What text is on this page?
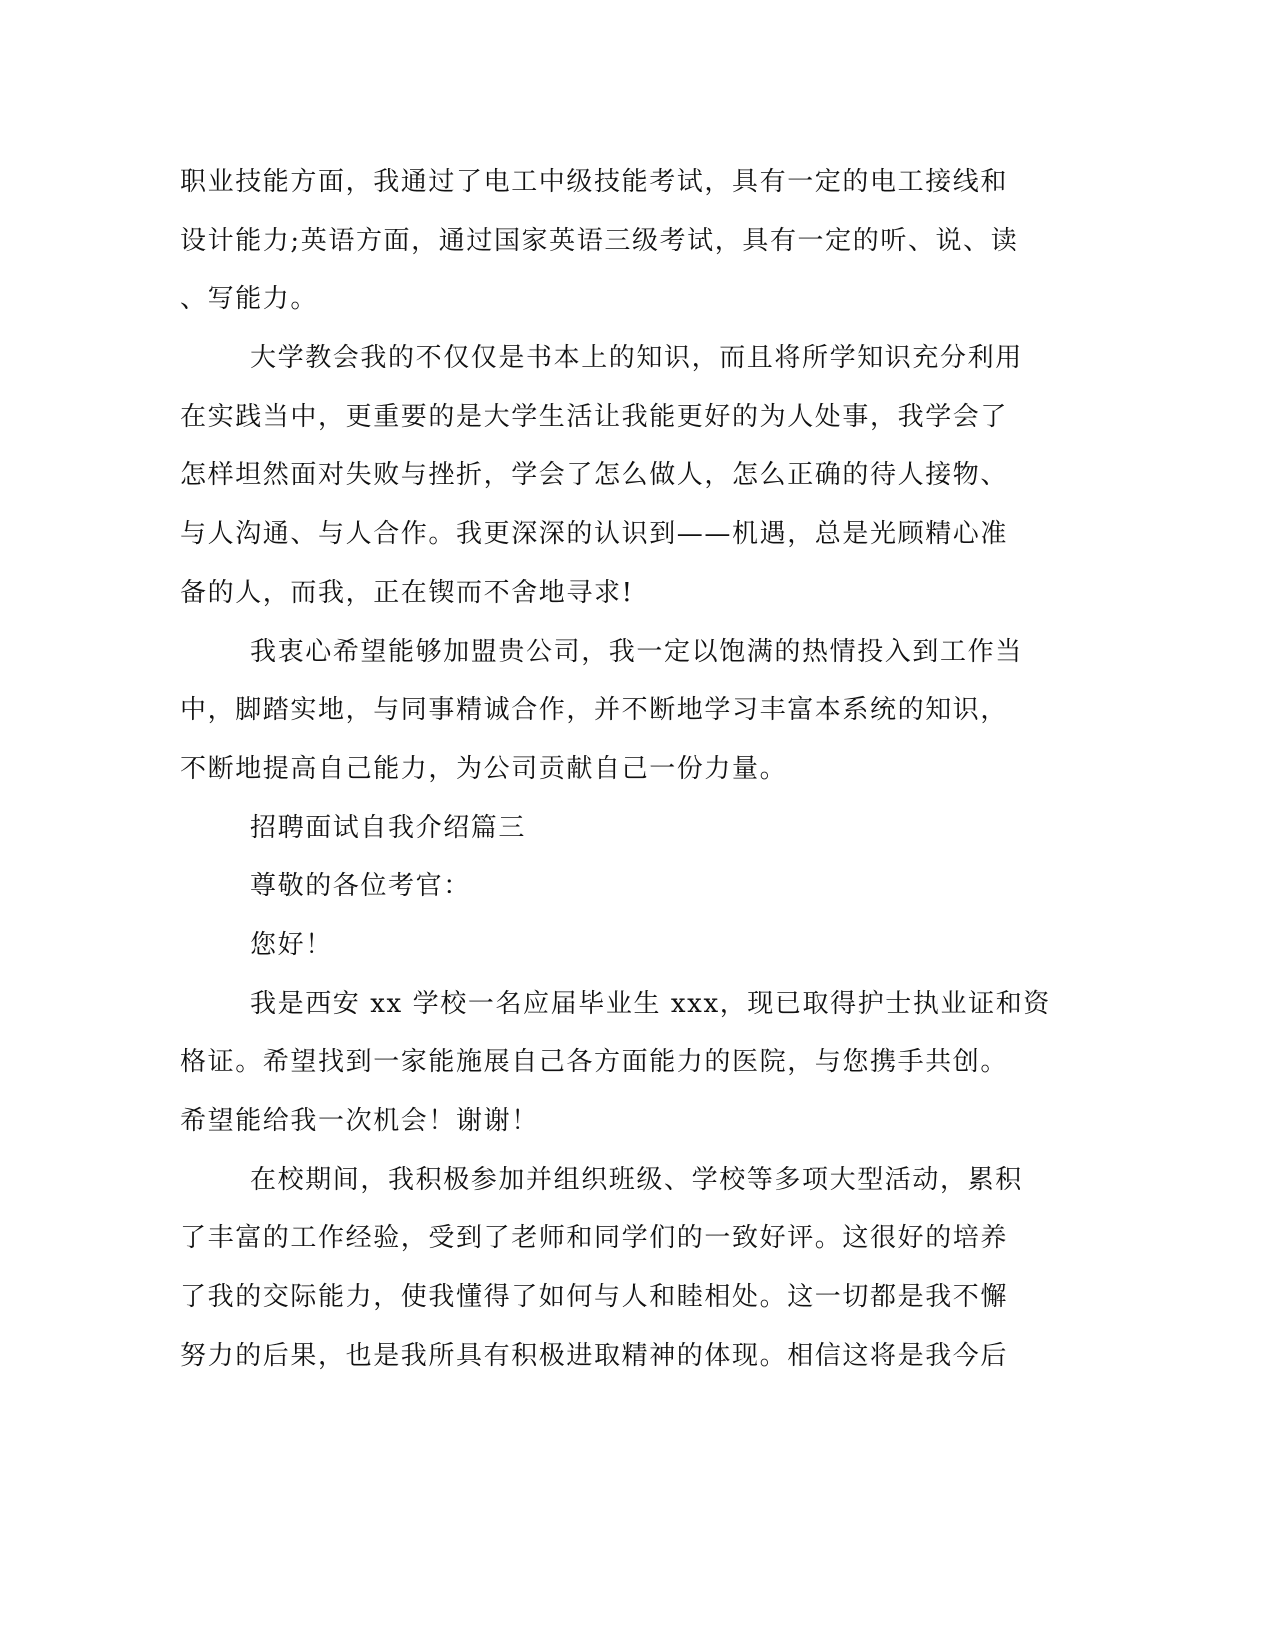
职业技能方面，我通过了电工中级技能考试，具有一定的电工接线和
设计能力;英语方面，通过国家英语三级考试，具有一定的听、说、读
、写能力。
大学教会我的不仅仅是书本上的知识，而且将所学知识充分利用
在实践当中，更重要的是大学生活让我能更好的为人处事，我学会了
怎样坦然面对失败与挫折，学会了怎么做人，怎么正确的待人接物、
与人沟通、与人合作。我更深深的认识到——机遇，总是光顾精心准
备的人，而我，正在锲而不舍地寻求!
我衷心希望能够加盟贵公司，我一定以饱满的热情投入到工作当
中，脚踏实地，与同事精诚合作，并不断地学习丰富本系统的知识，
不断地提高自己能力，为公司贡献自己一份力量。
招聘面试自我介绍篇三
尊敬的各位考官：
您好！
我是西安 xx 学校一名应届毕业生 xxx，现已取得护士执业证和资
格证。希望找到一家能施展自己各方面能力的医院，与您携手共创。
希望能给我一次机会！谢谢！
在校期间，我积极参加并组织班级、学校等多项大型活动，累积
了丰富的工作经验，受到了老师和同学们的一致好评。这很好的培养
了我的交际能力，使我懂得了如何与人和睦相处。这一切都是我不懈
努力的后果，也是我所具有积极进取精神的体现。相信这将是我今后
